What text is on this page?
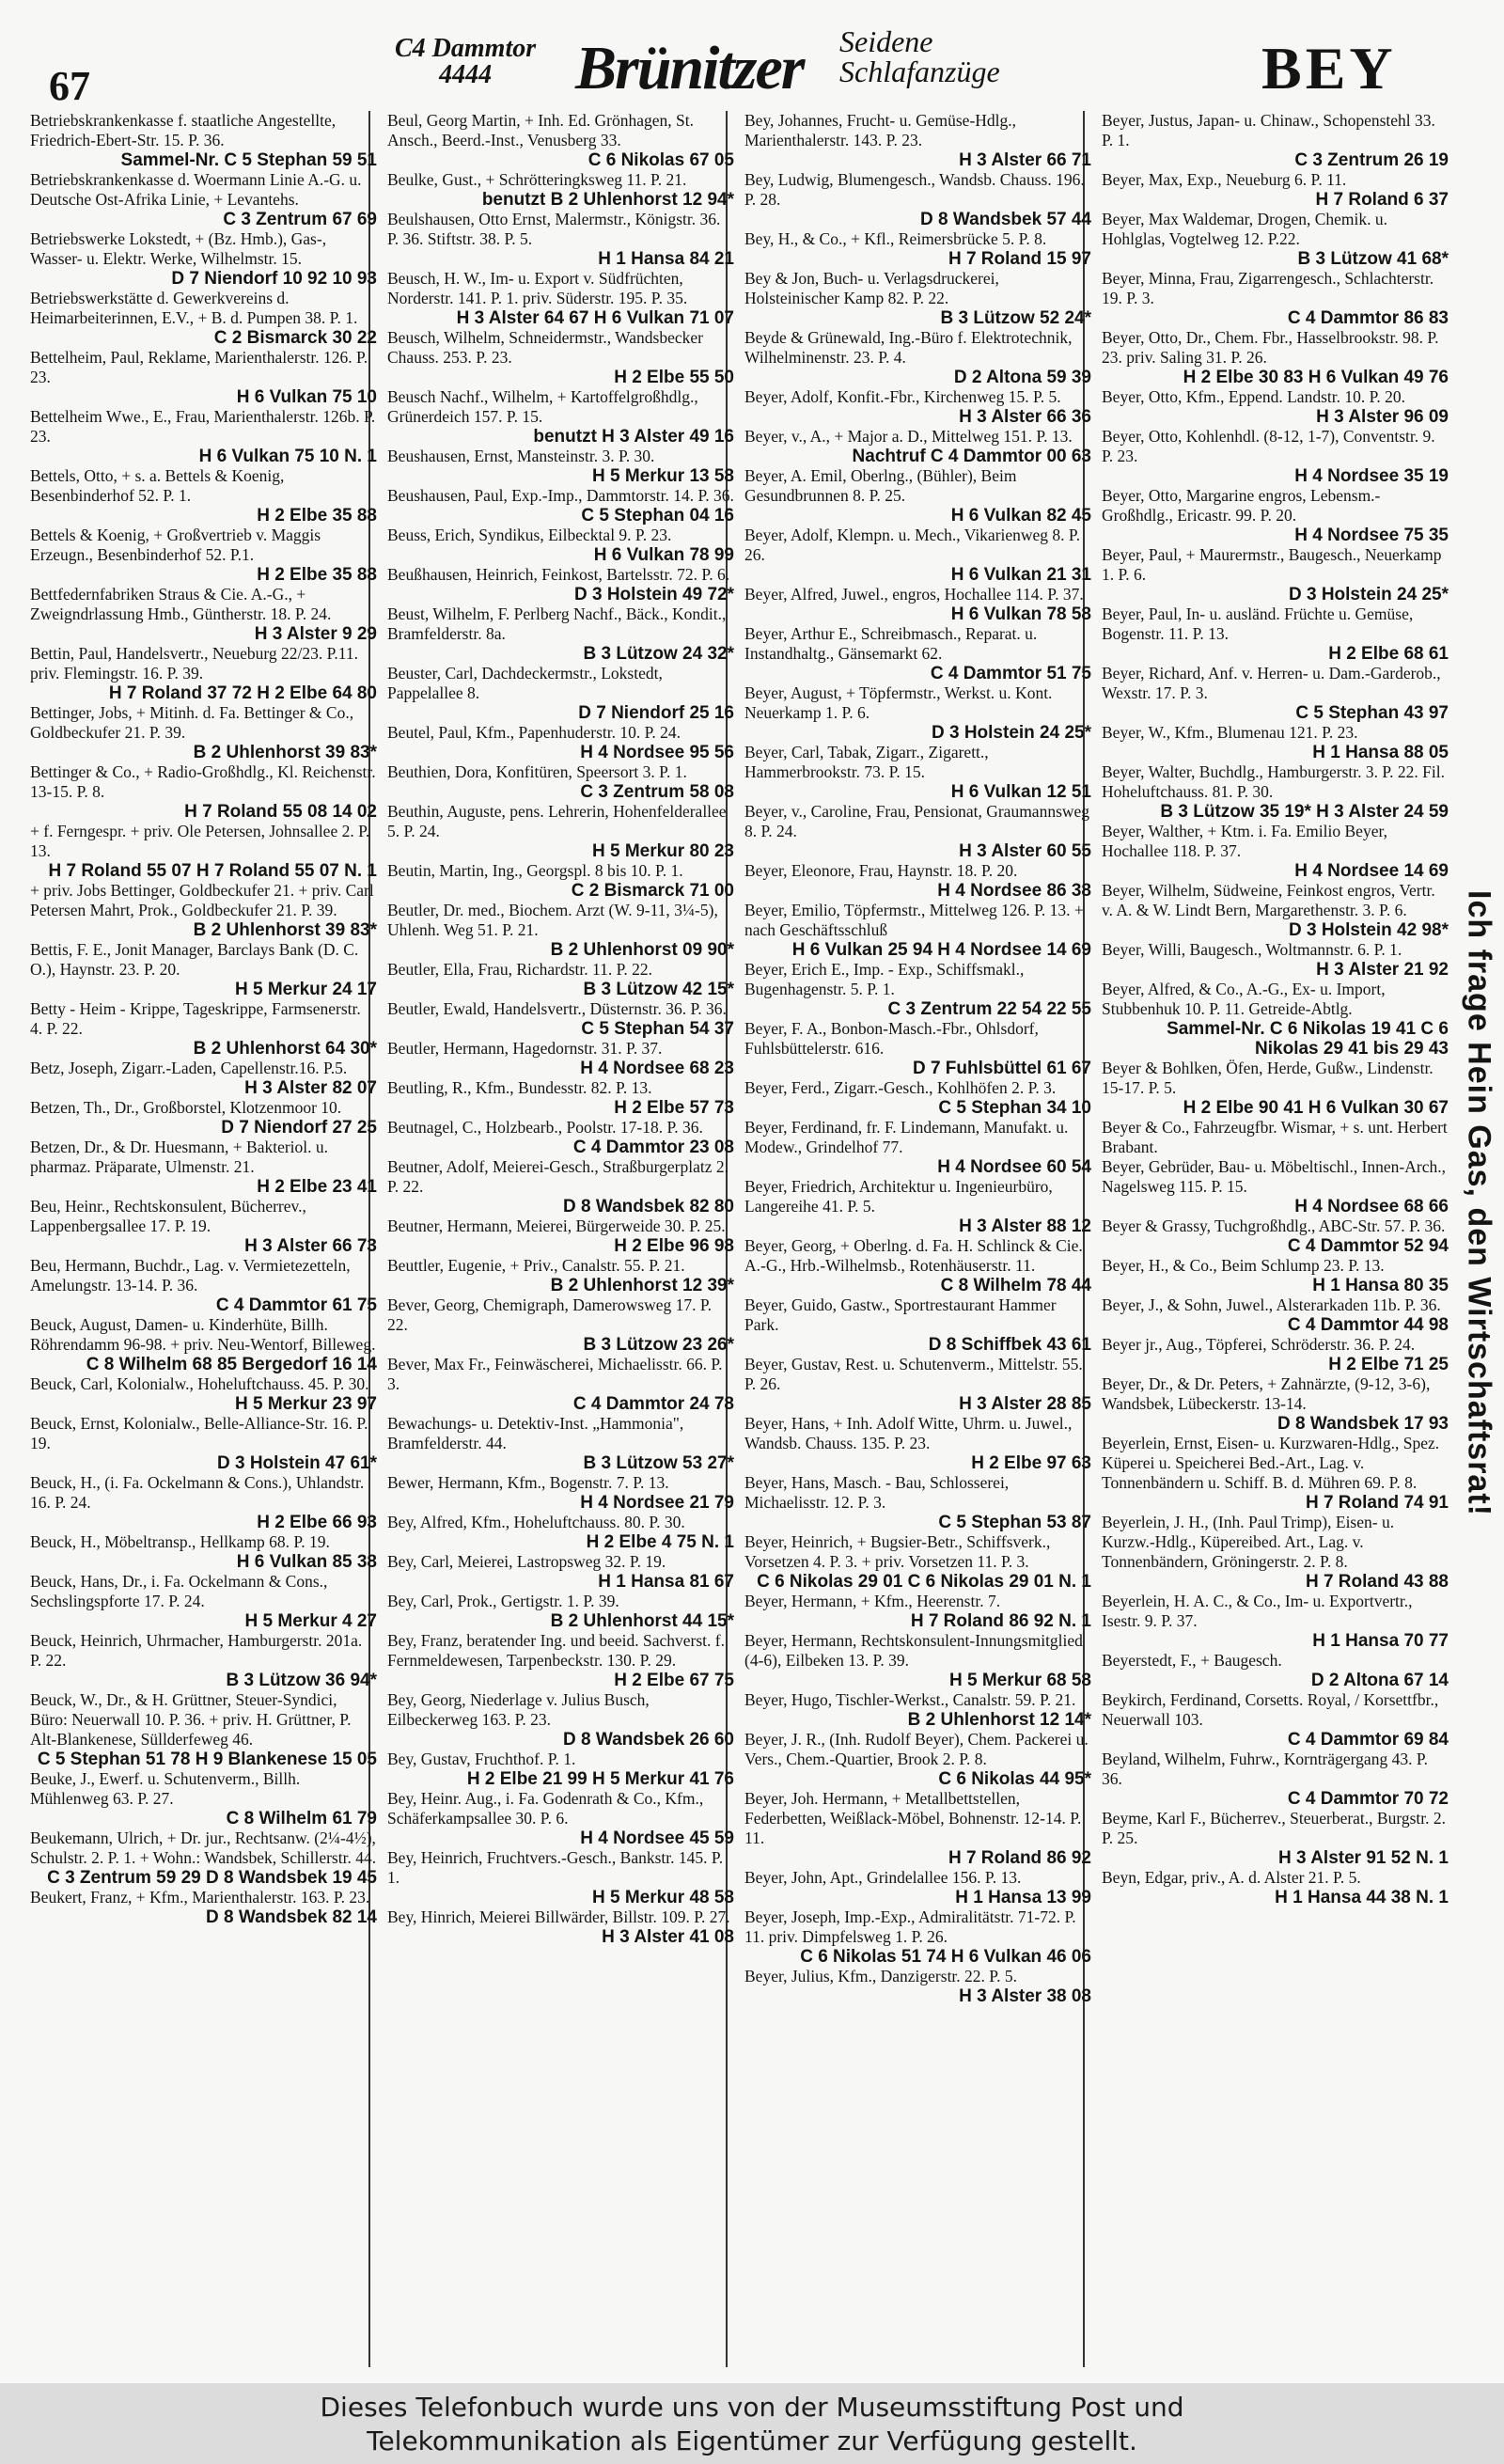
67
C4 Dammtor
4444	Brünitzer Seidene
Schlafanzüge	BEY
Betriebskrankenkasse f. staatliche Angestellte, Friedrich-Ebert-Str. 15. P. 36.
Sammel-Nr. C 5 Stephan 59 51
Betriebskrankenkasse d. Woermann Linie A.-G. u. Deutsche Ost-Afrika Linie, + Levantehs.
C 3 Zentrum 67 69
Betriebswerke Lokstedt, + (Bz. Hmb.), Gas-, Wasser- u. Elektr. Werke, Wilhelmstr. 15.
D 7 Niendorf 10 92 10 93
Betriebswerkstätte d. Gewerkvereins d. Heimarbeiterinnen, E.V., + B. d. Pumpen 38. P. 1.
C 2 Bismarck 30 22
Bettelheim, Paul, Reklame, Marienthalerstr. 126. P. 23.
H 6 Vulkan 75 10
Bettelheim Wwe., E., Frau, Marienthalerstr. 126b. P. 23.
H 6 Vulkan 75 10 N. 1
Bettels, Otto, + s. a. Bettels & Koenig, Besenbinderhof 52. P. 1.
H 2 Elbe 35 88
Bettels & Koenig, + Großvertrieb v. Maggis Erzeugn., Besenbinderhof 52. P.1.
H 2 Elbe 35 88
Bettfedernfabriken Straus & Cie. A.-G., + Zweigndrlassung Hmb., Güntherstr. 18. P. 24.
H 3 Alster 9 29
Bettin, Paul, Handelsvertr., Neueburg 22/23. P.11. priv. Flemingstr. 16. P. 39.
H 7 Roland 37 72 H 2 Elbe 64 80
Bettinger, Jobs, + Mitinh. d. Fa. Bettinger & Co., Goldbeckufer 21. P. 39.
B 2 Uhlenhorst 39 83*
Bettinger & Co., + Radio-Großhdlg., Kl. Reichenstr. 13-15. P. 8.
H 7 Roland 55 08 14 02
+ f. Ferngespr. + priv. Ole Petersen, Johnsallee 2. P. 13.
H 7 Roland 55 07 H 7 Roland 55 07 N. 1
+ priv. Jobs Bettinger, Goldbeckufer 21. + priv. Carl Petersen Mahrt, Prok., Goldbeckufer 21. P. 39.
B 2 Uhlenhorst 39 83*
Bettis, F. E., Jonit Manager, Barclays Bank (D. C. O.), Haynstr. 23. P. 20.
H 5 Merkur 24 17
Betty - Heim - Krippe, Tageskrippe, Farmsenerstr. 4. P. 22.
B 2 Uhlenhorst 64 30*
Betz, Joseph, Zigarr.-Laden, Capellenstr.16. P.5.
H 3 Alster 82 07
Betzen, Th., Dr., Großborstel, Klotzenmoor 10.
D 7 Niendorf 27 25
Betzen, Dr., & Dr. Huesmann, + Bakteriol. u. pharmaz. Präparate, Ulmenstr. 21.
H 2 Elbe 23 41
Beu, Heinr., Rechtskonsulent, Bücherrev., Lappenbergsallee 17. P. 19.
H 3 Alster 66 73
Beu, Hermann, Buchdr., Lag. v. Vermietezetteln, Amelungstr. 13-14. P. 36.
C 4 Dammtor 61 75
Beuck, August, Damen- u. Kinderhüte, Billh. Röhrendamm 96-98. + priv. Neu-Wentorf, Billeweg.
C 8 Wilhelm 68 85 Bergedorf 16 14
Beuck, Carl, Kolonialw., Hoheluftchauss. 45. P. 30.
H 5 Merkur 23 97
Beuck, Ernst, Kolonialw., Belle-Alliance-Str. 16. P. 19.
D 3 Holstein 47 61*
Beuck, H., (i. Fa. Ockelmann & Cons.), Uhlandstr. 16. P. 24.
H 2 Elbe 66 93
Beuck, H., Möbeltransp., Hellkamp 68. P. 19.
H 6 Vulkan 85 38
Beuck, Hans, Dr., i. Fa. Ockelmann & Cons., Sechslingspforte 17. P. 24.
H 5 Merkur 4 27
Beuck, Heinrich, Uhrmacher, Hamburgerstr. 201a. P. 22.
B 3 Lützow 36 94*
Beuck, W., Dr., & H. Grüttner, Steuer-Syndici, Büro: Neuerwall 10. P. 36. + priv. H. Grüttner, P. Alt-Blankenese, Süllderfeweg 46.
C 5 Stephan 51 78 H 9 Blankenese 15 05
Beuke, J., Ewerf. u. Schutenverm., Billh. Mühlenweg 63. P. 27.
C 8 Wilhelm 61 79
Beukemann, Ulrich, + Dr. jur., Rechtsanw. (2¼-4½), Schulstr. 2. P. 1. + Wohn.: Wandsbek, Schillerstr. 44.
C 3 Zentrum 59 29 D 8 Wandsbek 19 45
Beukert, Franz, + Kfm., Marienthalerstr. 163. P. 23.
D 8 Wandsbek 82 14
Beul, Georg Martin, + Inh. Ed. Grönhagen, St. Ansch., Beerd.-Inst., Venusberg 33.
C 6 Nikolas 67 05
Beulke, Gust., + Schrötteringksweg 11. P. 21.
benutzt B 2 Uhlenhorst 12 94*
Beulshausen, Otto Ernst, Malermstr., Königstr. 36. P. 36. Stiftstr. 38. P. 5.
H 1 Hansa 84 21
Beusch, H. W., Im- u. Export v. Südfrüchten, Norderstr. 141. P. 1. priv. Süderstr. 195. P. 35.
H 3 Alster 64 67 H 6 Vulkan 71 07
Beusch, Wilhelm, Schneidermstr., Wandsbecker Chauss. 253. P. 23.
H 2 Elbe 55 50
Beusch Nachf., Wilhelm, + Kartoffelgroßhdlg., Grünerdeich 157. P. 15.
benutzt H 3 Alster 49 16
Beushausen, Ernst, Mansteinstr. 3. P. 30.
H 5 Merkur 13 58
Beushausen, Paul, Exp.-Imp., Dammtorstr. 14. P. 36.
C 5 Stephan 04 16
Beuss, Erich, Syndikus, Eilbecktal 9. P. 23.
H 6 Vulkan 78 99
Beußhausen, Heinrich, Feinkost, Bartelsstr. 72. P. 6.
D 3 Holstein 49 72*
Beust, Wilhelm, F. Perlberg Nachf., Bäck., Kondit., Bramfelderstr. 8a.
B 3 Lützow 24 32*
Beuster, Carl, Dachdeckermstr., Lokstedt, Pappelallee 8.
D 7 Niendorf 25 16
Beutel, Paul, Kfm., Papenhuderstr. 10. P. 24.
H 4 Nordsee 95 56
Beuthien, Dora, Konfitüren, Speersort 3. P. 1.
C 3 Zentrum 58 08
Beuthin, Auguste, pens. Lehrerin, Hohenfelderallee 5. P. 24.
H 5 Merkur 80 23
Beutin, Martin, Ing., Georgspl. 8 bis 10. P. 1.
C 2 Bismarck 71 00
Beutler, Dr. med., Biochem. Arzt (W. 9-11, 3¼-5), Uhlenh. Weg 51. P. 21.
B 2 Uhlenhorst 09 90*
Beutler, Ella, Frau, Richardstr. 11. P. 22.
B 3 Lützow 42 15*
Beutler, Ewald, Handelsvertr., Düsternstr. 36. P. 36.
C 5 Stephan 54 37
Beutler, Hermann, Hagedornstr. 31. P. 37.
H 4 Nordsee 68 23
Beutling, R., Kfm., Bundesstr. 82. P. 13.
H 2 Elbe 57 73
Beutnagel, C., Holzbearb., Poolstr. 17-18. P. 36.
C 4 Dammtor 23 08
Beutner, Adolf, Meierei-Gesch., Straßburgerplatz 2. P. 22.
D 8 Wandsbek 82 80
Beutner, Hermann, Meierei, Bürgerweide 30. P. 25.
H 2 Elbe 96 98
Beuttler, Eugenie, + Priv., Canalstr. 55. P. 21.
B 2 Uhlenhorst 12 39*
Bever, Georg, Chemigraph, Damerowsweg 17. P. 22.
B 3 Lützow 23 26*
Bever, Max Fr., Feinwäscherei, Michaelisstr. 66. P. 3.
C 4 Dammtor 24 78
Bewachungs- u. Detektiv-Inst. „Hammonia", Bramfelderstr. 44.
B 3 Lützow 53 27*
Bewer, Hermann, Kfm., Bogenstr. 7. P. 13.
H 4 Nordsee 21 79
Bey, Alfred, Kfm., Hoheluftchauss. 80. P. 30.
H 2 Elbe 4 75 N. 1
Bey, Carl, Meierei, Lastropsweg 32. P. 19.
H 1 Hansa 81 67
Bey, Carl, Prok., Gertigstr. 1. P. 39.
B 2 Uhlenhorst 44 15*
Bey, Franz, beratender Ing. und beeid. Sachverst. f. Fernmeldewesen, Tarpenbeckstr. 130. P. 29.
H 2 Elbe 67 75
Bey, Georg, Niederlage v. Julius Busch, Eilbeckerweg 163. P. 23.
D 8 Wandsbek 26 60
Bey, Gustav, Fruchthof. P. 1.
H 2 Elbe 21 99 H 5 Merkur 41 76
Bey, Heinr. Aug., i. Fa. Godenrath & Co., Kfm., Schäferkampsallee 30. P. 6.
H 4 Nordsee 45 59
Bey, Heinrich, Fruchtvers.-Gesch., Bankstr. 145. P. 1.
H 5 Merkur 48 58
Bey, Hinrich, Meierei Billwärder, Billstr. 109. P. 27.
H 3 Alster 41 08
Bey, Johannes, Frucht- u. Gemüse-Hdlg., Marienthalerstr. 143. P. 23.
H 3 Alster 66 71
Bey, Ludwig, Blumengesch., Wandsb. Chauss. 196. P. 28.
D 8 Wandsbek 57 44
Bey, H., & Co., + Kfl., Reimersbrücke 5. P. 8.
H 7 Roland 15 97
Bey & Jon, Buch- u. Verlagsdruckerei, Holsteinischer Kamp 82. P. 22.
B 3 Lützow 52 24*
Beyde & Grünewald, Ing.-Büro f. Elektrotechnik, Wilhelminenstr. 23. P. 4.
D 2 Altona 59 39
Beyer, Adolf, Konfit.-Fbr., Kirchenweg 15. P. 5.
H 3 Alster 66 36
Beyer, v., A., + Major a. D., Mittelweg 151. P. 13.
Nachtruf C 4 Dammtor 00 63
Beyer, A. Emil, Oberlng., (Bühler), Beim Gesundbrunnen 8. P. 25.
H 6 Vulkan 82 45
Beyer, Adolf, Klempn. u. Mech., Vikarienweg 8. P. 26.
H 6 Vulkan 21 31
Beyer, Alfred, Juwel., engros, Hochallee 114. P. 37.
H 6 Vulkan 78 58
Beyer, Arthur E., Schreibmasch., Reparat. u. Instandhaltg., Gänsemarkt 62.
C 4 Dammtor 51 75
Beyer, August, + Töpfermstr., Werkst. u. Kont. Neuerkamp 1. P. 6.
D 3 Holstein 24 25*
Beyer, Carl, Tabak, Zigarr., Zigarett., Hammerbrookstr. 73. P. 15.
H 6 Vulkan 12 51
Beyer, v., Caroline, Frau, Pensionat, Graumannsweg 8. P. 24.
H 3 Alster 60 55
Beyer, Eleonore, Frau, Haynstr. 18. P. 20.
H 4 Nordsee 86 38
Beyer, Emilio, Töpfermstr., Mittelweg 126. P. 13. + nach Geschäftsschluß
H 6 Vulkan 25 94 H 4 Nordsee 14 69
Beyer, Erich E., Imp. - Exp., Schiffsmakl., Bugenhagenstr. 5. P. 1.
C 3 Zentrum 22 54 22 55
Beyer, F. A., Bonbon-Masch.-Fbr., Ohlsdorf, Fuhlsbüttelerstr. 616.
D 7 Fuhlsbüttel 61 67
Beyer, Ferd., Zigarr.-Gesch., Kohlhöfen 2. P. 3.
C 5 Stephan 34 10
Beyer, Ferdinand, fr. F. Lindemann, Manufakt. u. Modew., Grindelhof 77.
H 4 Nordsee 60 54
Beyer, Friedrich, Architektur u. Ingenieurbüro, Langereihe 41. P. 5.
H 3 Alster 88 12
Beyer, Georg, + Oberlng. d. Fa. H. Schlinck & Cie. A.-G., Hrb.-Wilhelmsb., Rotenhäuserstr. 11.
C 8 Wilhelm 78 44
Beyer, Guido, Gastw., Sportrestaurant Hammer Park.
D 8 Schiffbek 43 61
Beyer, Gustav, Rest. u. Schutenverm., Mittelstr. 55. P. 26.
H 3 Alster 28 85
Beyer, Hans, + Inh. Adolf Witte, Uhrm. u. Juwel., Wandsb. Chauss. 135. P. 23.
H 2 Elbe 97 63
Beyer, Hans, Masch. - Bau, Schlosserei, Michaelisstr. 12. P. 3.
C 5 Stephan 53 87
Beyer, Heinrich, + Bugsier-Betr., Schiffsverk., Vorsetzen 4. P. 3. + priv. Vorsetzen 11. P. 3.
C 6 Nikolas 29 01 C 6 Nikolas 29 01 N. 1
Beyer, Hermann, + Kfm., Heerenstr. 7.
H 7 Roland 86 92 N. 1
Beyer, Hermann, Rechtskonsulent-Innungsmitglied (4-6), Eilbeken 13. P. 39.
H 5 Merkur 68 58
Beyer, Hugo, Tischler-Werkst., Canalstr. 59. P. 21.
B 2 Uhlenhorst 12 14*
Beyer, J. R., (Inh. Rudolf Beyer), Chem. Packerei u. Vers., Chem.-Quartier, Brook 2. P. 8.
C 6 Nikolas 44 95*
Beyer, Joh. Hermann, + Metallbettstellen, Federbetten, Weißlack-Möbel, Bohnenstr. 12-14. P. 11.
H 7 Roland 86 92
Beyer, John, Apt., Grindelallee 156. P. 13.
H 1 Hansa 13 99
Beyer, Joseph, Imp.-Exp., Admiralitätstr. 71-72. P. 11. priv. Dimpfelsweg 1. P. 26.
C 6 Nikolas 51 74 H 6 Vulkan 46 06
Beyer, Julius, Kfm., Danzigerstr. 22. P. 5.
H 3 Alster 38 08
Beyer, Justus, Japan- u. Chinaw., Schopenstehl 33. P. 1.
C 3 Zentrum 26 19
Beyer, Max, Exp., Neueburg 6. P. 11.
H 7 Roland 6 37
Beyer, Max Waldemar, Drogen, Chemik. u. Hohlglas, Vogtelweg 12. P.22.
B 3 Lützow 41 68*
Beyer, Minna, Frau, Zigarrengesch., Schlachterstr. 19. P. 3.
C 4 Dammtor 86 83
Beyer, Otto, Dr., Chem. Fbr., Hasselbrookstr. 98. P. 23. priv. Saling 31. P. 26.
H 2 Elbe 30 83 H 6 Vulkan 49 76
Beyer, Otto, Kfm., Eppend. Landstr. 10. P. 20.
H 3 Alster 96 09
Beyer, Otto, Kohlenhdl. (8-12, 1-7), Conventstr. 9. P. 23.
H 4 Nordsee 35 19
Beyer, Otto, Margarine engros, Lebensm.-Großhdlg., Ericastr. 99. P. 20.
H 4 Nordsee 75 35
Beyer, Paul, + Maurermstr., Baugesch., Neuerkamp 1. P. 6.
D 3 Holstein 24 25*
Beyer, Paul, In- u. ausländ. Früchte u. Gemüse, Bogenstr. 11. P. 13.
H 2 Elbe 68 61
Beyer, Richard, Anf. v. Herren- u. Dam.-Garderob., Wexstr. 17. P. 3.
C 5 Stephan 43 97
Beyer, W., Kfm., Blumenau 121. P. 23.
H 1 Hansa 88 05
Beyer, Walter, Buchdlg., Hamburgerstr. 3. P. 22. Fil. Hoheluftchauss. 81. P. 30.
B 3 Lützow 35 19* H 3 Alster 24 59
Beyer, Walther, + Ktm. i. Fa. Emilio Beyer, Hochallee 118. P. 37.
H 4 Nordsee 14 69
Beyer, Wilhelm, Südweine, Feinkost engros, Vertr. v. A. & W. Lindt Bern, Margarethenstr. 3. P. 6.
D 3 Holstein 42 98*
Beyer, Willi, Baugesch., Woltmannstr. 6. P. 1.
H 3 Alster 21 92
Beyer, Alfred, & Co., A.-G., Ex- u. Import, Stubbenhuk 10. P. 11. Getreide-Abtlg.
Sammel-Nr. C 6 Nikolas 19 41 C 6 Nikolas 29 41 bis 29 43
Beyer & Bohlken, Öfen, Herde, Gußw., Lindenstr. 15-17. P. 5.
H 2 Elbe 90 41 H 6 Vulkan 30 67
Beyer & Co., Fahrzeugfbr. Wismar, + s. unt. Herbert Brabant.
Beyer, Gebrüder, Bau- u. Möbeltischl., Innen-Arch., Nagelsweg 115. P. 15.
H 4 Nordsee 68 66
Beyer & Grassy, Tuchgroßhdlg., ABC-Str. 57. P. 36.
C 4 Dammtor 52 94
Beyer, H., & Co., Beim Schlump 23. P. 13.
H 1 Hansa 80 35
Beyer, J., & Sohn, Juwel., Alsterarkaden 11b. P. 36.
C 4 Dammtor 44 98
Beyer jr., Aug., Töpferei, Schröderstr. 36. P. 24.
H 2 Elbe 71 25
Beyer, Dr., & Dr. Peters, + Zahnärzte, (9-12, 3-6), Wandsbek, Lübeckerstr. 13-14.
D 8 Wandsbek 17 93
Beyerlein, Ernst, Eisen- u. Kurzwaren-Hdlg., Spez. Küperei u. Speicherei Bed.-Art., Lag. v. Tonnenbändern u. Schiff. B. d. Mühren 69. P. 8.
H 7 Roland 74 91
Beyerlein, J. H., (Inh. Paul Trimp), Eisen- u. Kurzw.-Hdlg., Küpereibed. Art., Lag. v. Tonnenbändern, Gröningerstr. 2. P. 8.
H 7 Roland 43 88
Beyerlein, H. A. C., & Co., Im- u. Exportvertr., Isestr. 9. P. 37.
H 1 Hansa 70 77
Beyerstedt, F., + Baugesch.
D 2 Altona 67 14
Beykirch, Ferdinand, Corsetts. Royal, / Korsettfbr., Neuerwall 103.
C 4 Dammtor 69 84
Beyland, Wilhelm, Fuhrw., Kornträgergang 43. P. 36.
C 4 Dammtor 70 72
Beyme, Karl F., Bücherrev., Steuerberat., Burgstr. 2. P. 25.
H 3 Alster 91 52 N. 1
Beyn, Edgar, priv., A. d. Alster 21. P. 5.
H 1 Hansa 44 38 N. 1
Ich frage Hein Gas, den Wirtschaftsrat!
Dieses Telefonbuch wurde uns von der Museumsstiftung Post und
Telekommunikation als Eigentümer zur Verfügung gestellt.
